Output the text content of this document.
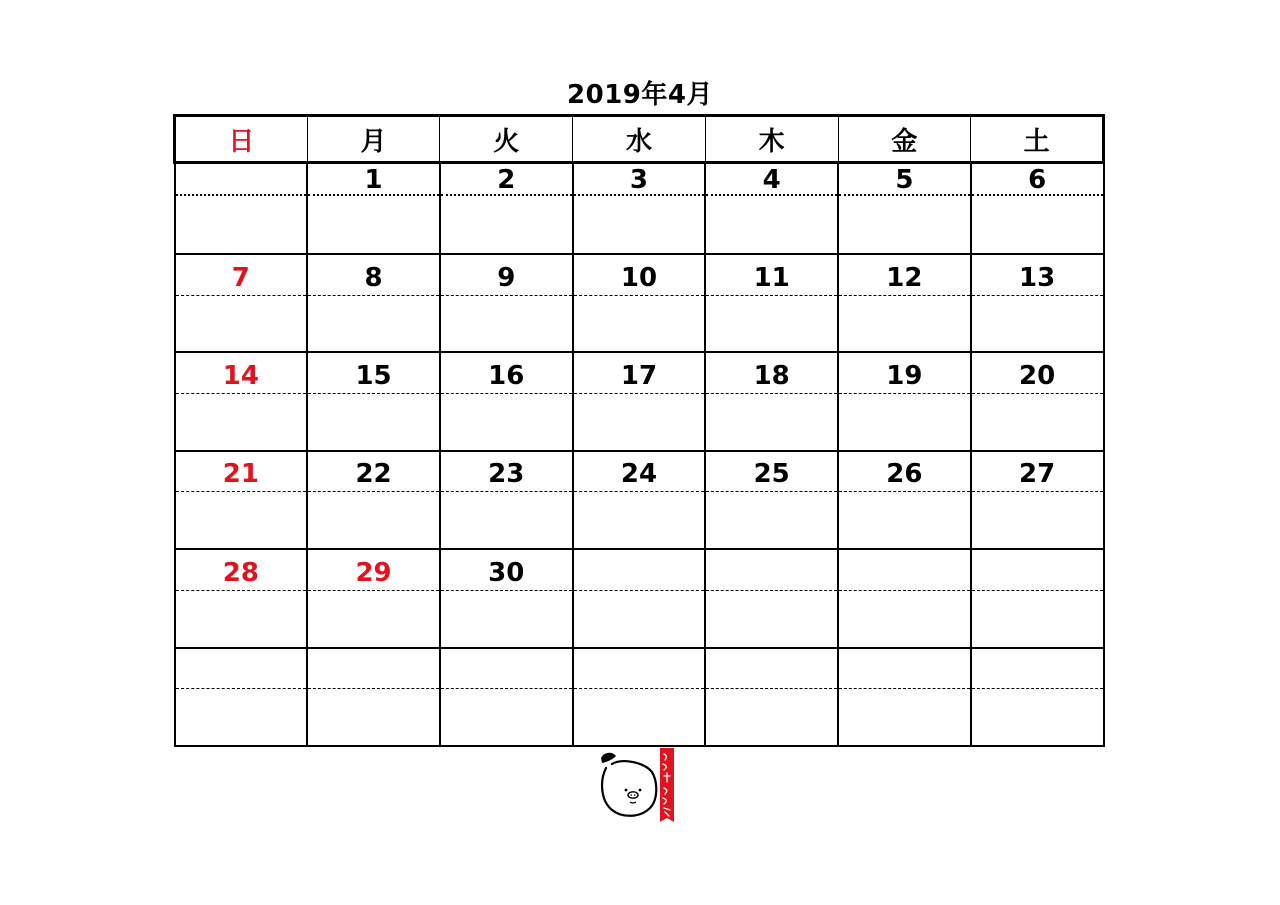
2019年4月
日	月	火	水	木	金	土
	1	2	3	4	5	6

7	8	9	10	11	12	13

14	15	16	17	18	19	20

21	22	23	24	25	26	27

28	29	30				
